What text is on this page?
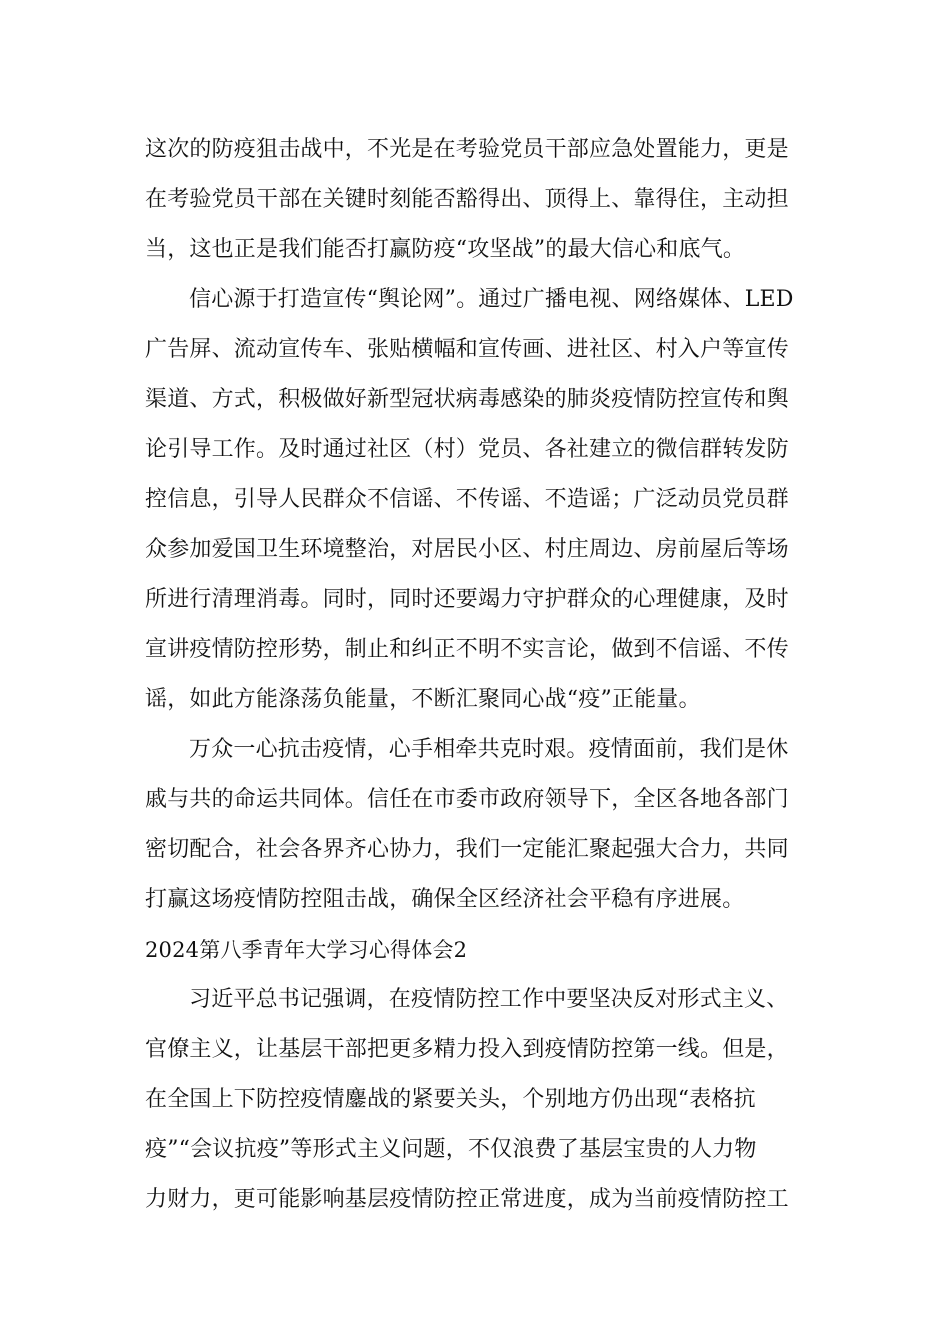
这次的防疫狙击战中，不光是在考验党员干部应急处置能力，更是
在考验党员干部在关键时刻能否豁得出、顶得上、靠得住，主动担
当，这也正是我们能否打赢防疫“攻坚战”的最大信心和底气。
信心源于打造宣传“舆论网”。通过广播电视、网络媒体、LED
广告屏、流动宣传车、张贴横幅和宣传画、进社区、村入户等宣传
渠道、方式，积极做好新型冠状病毒感染的肺炎疫情防控宣传和舆
论引导工作。及时通过社区（村）党员、各社建立的微信群转发防
控信息，引导人民群众不信谣、不传谣、不造谣；广泛动员党员群
众参加爱国卫生环境整治，对居民小区、村庄周边、房前屋后等场
所进行清理消毒。同时，同时还要竭力守护群众的心理健康，及时
宣讲疫情防控形势，制止和纠正不明不实言论，做到不信谣、不传
谣，如此方能涤荡负能量，不断汇聚同心战“疫”正能量。
万众一心抗击疫情，心手相牵共克时艰。疫情面前，我们是休
戚与共的命运共同体。信任在市委市政府领导下，全区各地各部门
密切配合，社会各界齐心协力，我们一定能汇聚起强大合力，共同
打赢这场疫情防控阻击战，确保全区经济社会平稳有序进展。
2024第八季青年大学习心得体会2
习近平总书记强调，在疫情防控工作中要坚决反对形式主义、
官僚主义，让基层干部把更多精力投入到疫情防控第一线。但是，
在全国上下防控疫情鏖战的紧要关头，个别地方仍出现“表格抗
疫”“会议抗疫”等形式主义问题，不仅浪费了基层宝贵的人力物
力财力，更可能影响基层疫情防控正常进度，成为当前疫情防控工
